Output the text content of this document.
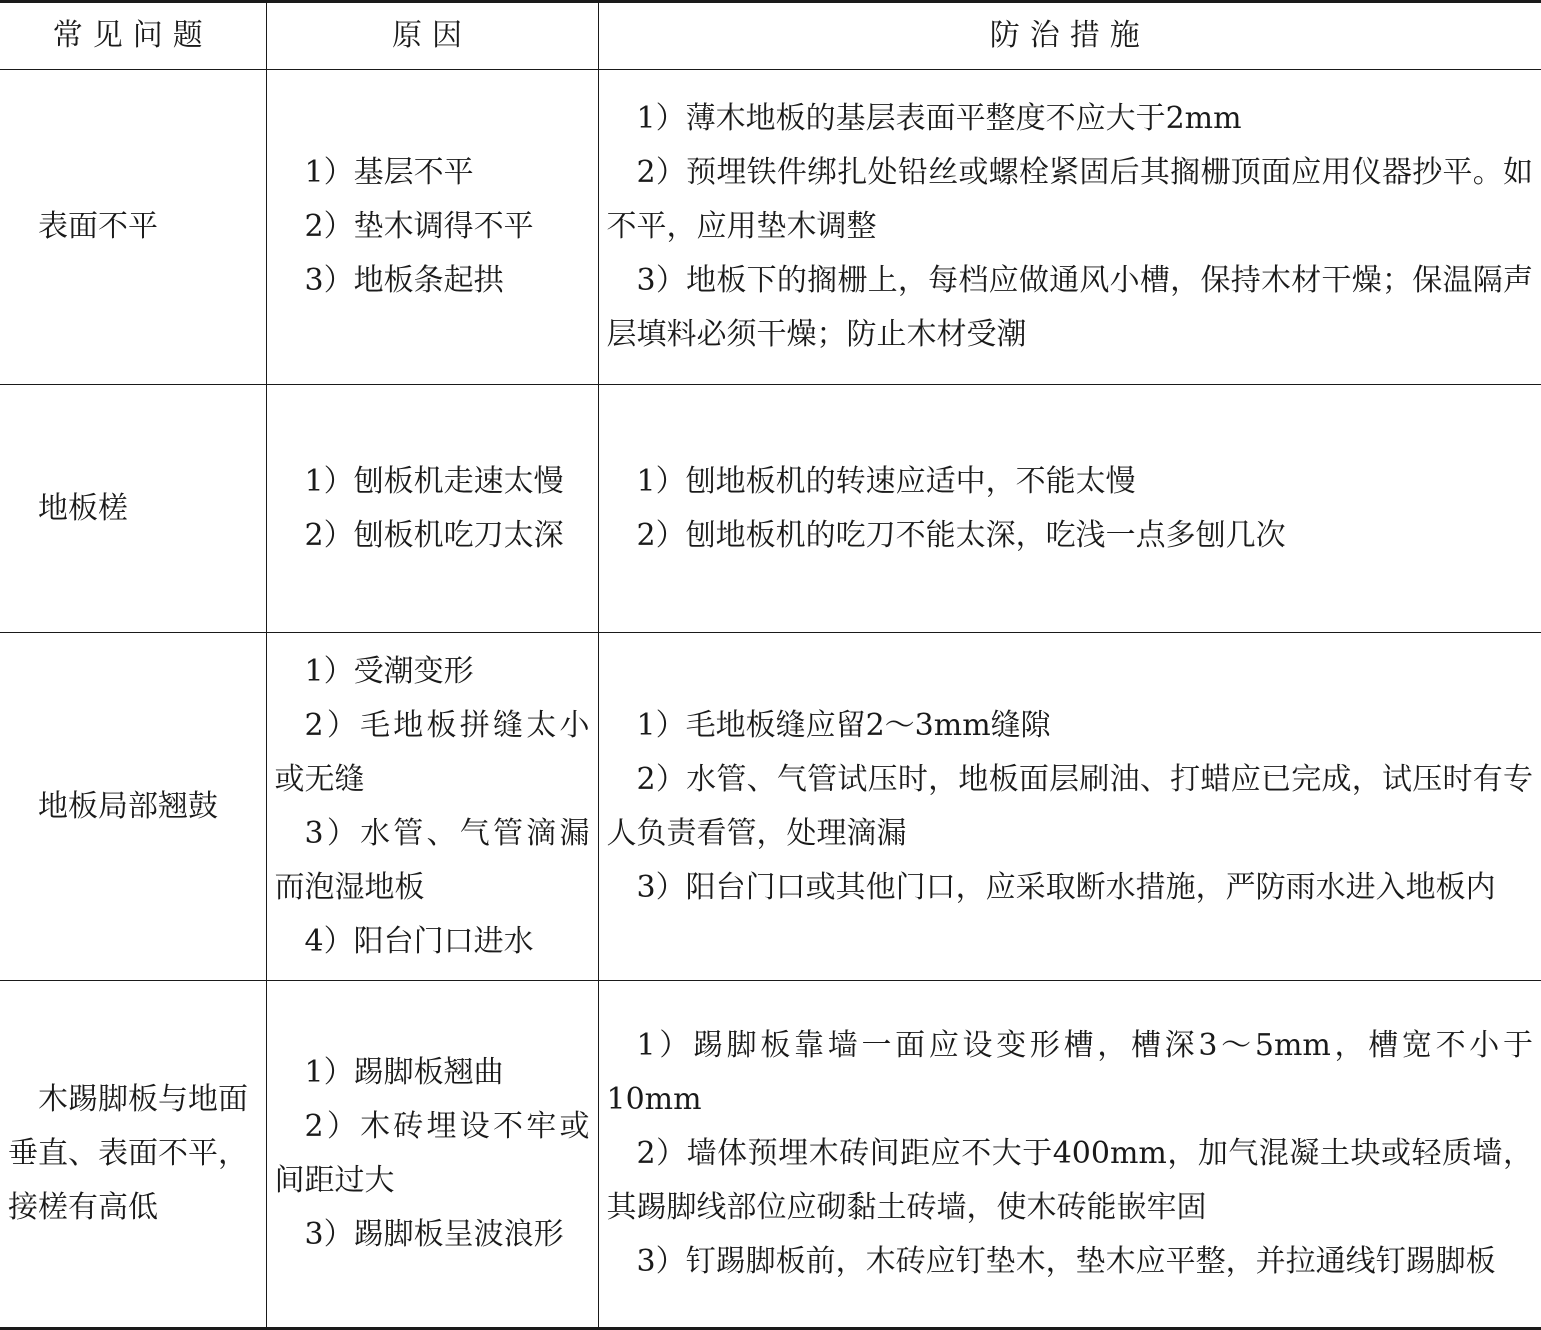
常见问题	原因	防治措施

表面不平	1）基层不平
2）垫木调得不平
3）地板条起拱	1）薄木地板的基层表面平整度不应大于2mm
2）预埋铁件绑扎处铅丝或螺栓紧固后其搁栅顶面应用仪器抄平。如不平，应用垫木调整
3）地板下的搁栅上，每档应做通风小槽，保持木材干燥；保温隔声层填料必须干燥；防止木材受潮

地板槎	1）刨板机走速太慢
2）刨板机吃刀太深	1）刨地板机的转速应适中，不能太慢
2）刨地板机的吃刀不能太深，吃浅一点多刨几次

地板局部翘鼓	1）受潮变形
2）毛地板拼缝太小或无缝
3）水管、气管滴漏而泡湿地板
4）阳台门口进水	1）毛地板缝应留2～3mm缝隙
2）水管、气管试压时，地板面层刷油、打蜡应已完成，试压时有专人负责看管，处理滴漏
3）阳台门口或其他门口，应采取断水措施，严防雨水进入地板内

木踢脚板与地面垂直、表面不平，接槎有高低	1）踢脚板翘曲
2）木砖埋设不牢或间距过大
3）踢脚板呈波浪形	1）踢脚板靠墙一面应设变形槽，槽深3～5mm，槽宽不小于10mm
2）墙体预埋木砖间距应不大于400mm，加气混凝土块或轻质墙，其踢脚线部位应砌黏土砖墙，使木砖能嵌牢固
3）钉踢脚板前，木砖应钉垫木，垫木应平整，并拉通线钉踢脚板
